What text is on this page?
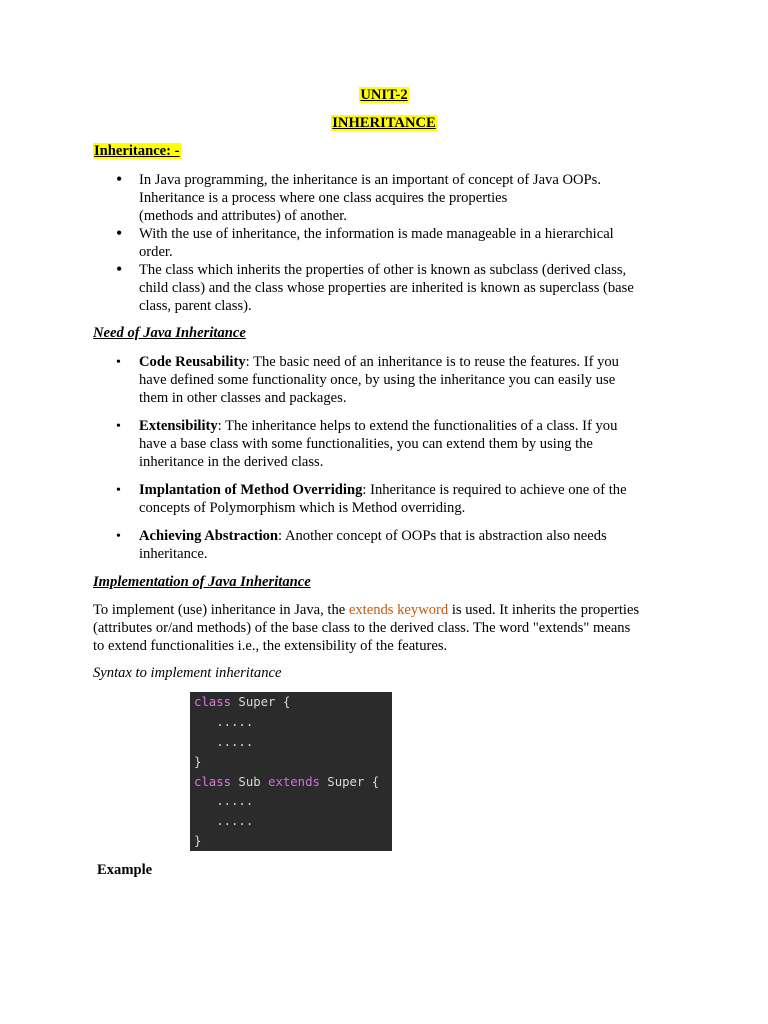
UNIT-2
INHERITANCE
Inheritance: -
•
In Java programming, the inheritance is an important of concept of Java OOPs.
Inheritance is a process where one class acquires the properties
(methods and attributes) of another.
•
With the use of inheritance, the information is made manageable in a hierarchical
order.
•
The class which inherits the properties of other is known as subclass (derived class,
child class) and the class whose properties are inherited is known as superclass (base
class, parent class).
Need of Java Inheritance
•
Code Reusability: The basic need of an inheritance is to reuse the features. If you
have defined some functionality once, by using the inheritance you can easily use
them in other classes and packages.
•
Extensibility: The inheritance helps to extend the functionalities of a class. If you
have a base class with some functionalities, you can extend them by using the
inheritance in the derived class.
•
Implantation of Method Overriding: Inheritance is required to achieve one of the
concepts of Polymorphism which is Method overriding.
•
Achieving Abstraction: Another concept of OOPs that is abstraction also needs
inheritance.
Implementation of Java Inheritance
To implement (use) inheritance in Java, the extends keyword is used. It inherits the properties
(attributes or/and methods) of the base class to the derived class. The word "extends" means
to extend functionalities i.e., the extensibility of the features.
Syntax to implement inheritance
class Super {
.....
.....
}
class Sub extends Super {
.....
.....
}
Example
